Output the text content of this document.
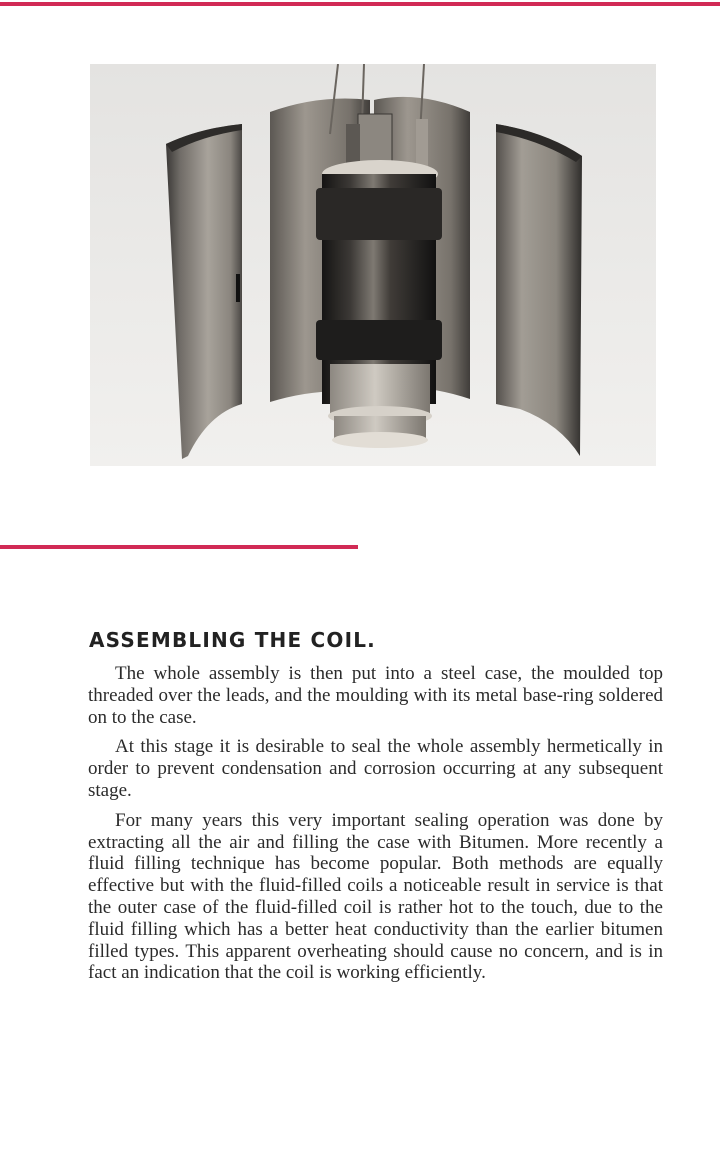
ASSEMBLING THE COIL.

The whole assembly is then put into a steel case, the moulded top threaded over the leads, and the moulding with its metal base-ring soldered on to the case.

At this stage it is desirable to seal the whole assembly hermetically in order to prevent condensation and corrosion occurring at any subsequent stage.

For many years this very important sealing operation was done by extracting all the air and filling the case with Bitumen. More recently a fluid filling technique has become popular. Both methods are equally effective but with the fluid-filled coils a noticeable result in service is that the outer case of the fluid-filled coil is rather hot to the touch, due to the fluid filling which has a better heat conductivity than the earlier bitumen filled types. This apparent overheating should cause no concern, and is in fact an indication that the coil is working efficiently.
